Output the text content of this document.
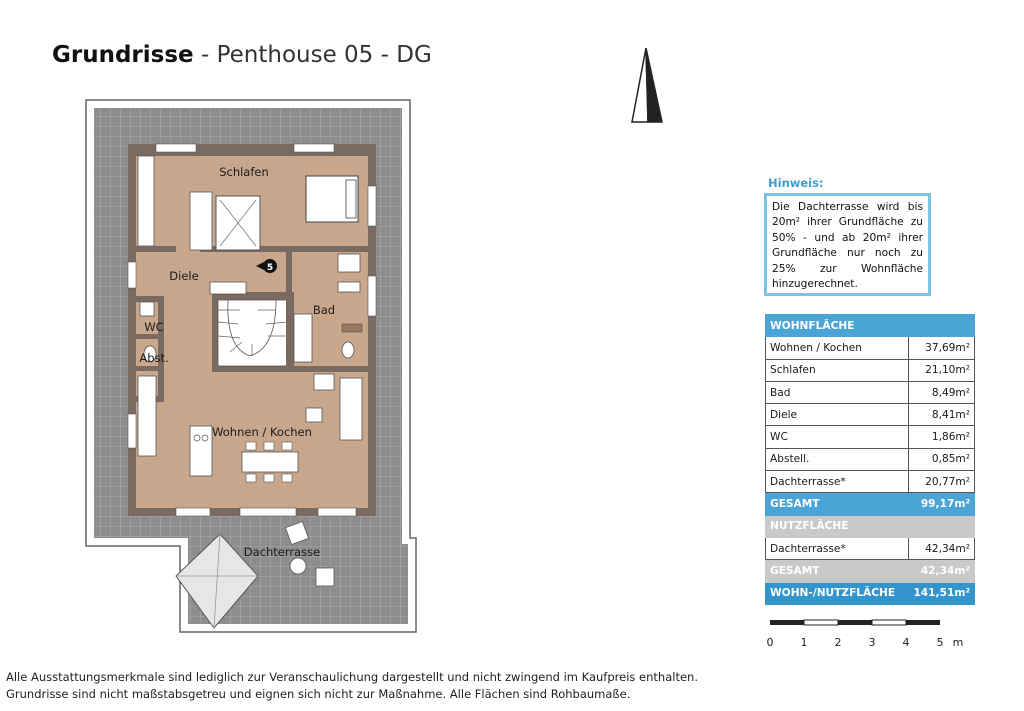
Grundrisse - Penthouse 05 - DG
5
Schlafen
Diele
WC
Abst.
Bad
Wohnen / Kochen
Dachterrasse
Hinweis:
Die Dachterrasse wird bis 20m² ihrer Grundfläche zu 50% - und ab 20m² ihrer Grundfläche nur noch zu 25% zur Wohnfläche hinzugerechnet.
WOHNFLÄCHE	
Wohnen / Kochen	37,69m²
Schlafen	21,10m²
Bad	8,49m²
Diele	8,41m²
WC	1,86m²
Abstell.	0,85m²
Dachterrasse*	20,77m²
GESAMT	99,17m²
NUTZFLÄCHE	
Dachterrasse*	42,34m²
GESAMT	42,34m²
WOHN-/NUTZFLÄCHE	141,51m²
0 1 2 3 4 5 m
Alle Ausstattungsmerkmale sind lediglich zur Veranschaulichung dargestellt und nicht zwingend im Kaufpreis enthalten.
Grundrisse sind nicht maßstabsgetreu und eignen sich nicht zur Maßnahme. Alle Flächen sind Rohbaumaße.
